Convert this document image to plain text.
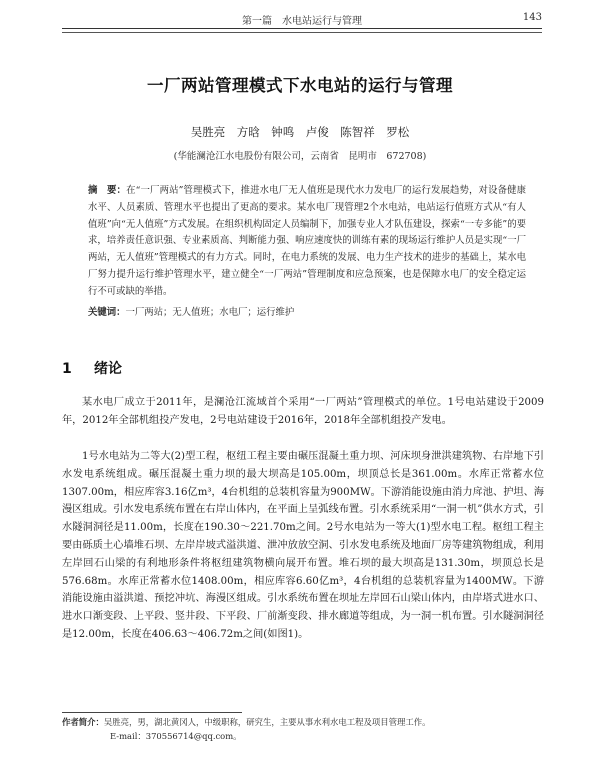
第一篇　水电站运行与管理	143
一厂两站管理模式下水电站的运行与管理
吴胜亮　方晗　钟鸣　卢俊　陈智祥　罗松
(华能澜沧江水电股份有限公司，云南省　昆明市　672708)
摘　要：在“一厂两站”管理模式下，推进水电厂无人值班是现代水力发电厂的运行发展趋势，对设备健康水平、人员素质、管理水平也提出了更高的要求。某水电厂现管理2个水电站，电站运行值班方式从“有人值班”向“无人值班”方式发展。在组织机构固定人员编制下，加强专业人才队伍建设，探索“一专多能”的要求，培养责任意识强、专业素质高、判断能力强、响应速度快的训练有素的现场运行维护人员是实现“一厂两站，无人值班”管理模式的有力方式。同时，在电力系统的发展、电力生产技术的进步的基础上，某水电厂努力提升运行维护管理水平，建立健全“一厂两站”管理制度和应急预案，也是保障水电厂的安全稳定运行不可或缺的举措。
关键词：一厂两站；无人值班；水电厂；运行维护
1 绪论
某水电厂成立于2011年，是澜沧江流域首个采用“一厂两站”管理模式的单位。1号电站建设于2009年，2012年全部机组投产发电，2号电站建设于2016年，2018年全部机组投产发电。
1号水电站为二等大(2)型工程，枢纽工程主要由碾压混凝土重力坝、河床坝身泄洪建筑物、右岸地下引水发电系统组成。碾压混凝土重力坝的最大坝高是105.00m，坝顶总长是361.00m。水库正常蓄水位1307.00m，相应库容3.16亿m³，4台机组的总装机容量为900MW。下游消能设施由消力戽池、护坦、海漫区组成。引水发电系统布置在右岸山体内，在平面上呈弧线布置。引水系统采用“一洞一机”供水方式，引水隧洞洞径是11.00m，长度在190.30～221.70m之间。2号水电站为一等大(1)型水电工程。枢纽工程主要由砾质土心墙堆石坝、左岸岸坡式溢洪道、泄冲放放空洞、引水发电系统及地面厂房等建筑物组成，利用左岸回石山梁的有利地形条件将枢纽建筑物横向展开布置。堆石坝的最大坝高是131.30m，坝顶总长是576.68m。水库正常蓄水位1408.00m，相应库容6.60亿m³，4台机组的总装机容量为1400MW。下游消能设施由溢洪道、预挖冲坑、海漫区组成。引水系统布置在坝址左岸回石山梁山体内，由岸塔式进水口、进水口渐变段、上平段、竖井段、下平段、厂前渐变段、排水廊道等组成，为一洞一机布置。引水隧洞洞径是12.00m，长度在406.63～406.72m之间(如图1)。
作者简介：吴胜亮，男，湖北黄冈人，中级职称，研究生，主要从事水利水电工程及项目管理工作。
E-mail：370556714@qq.com。
